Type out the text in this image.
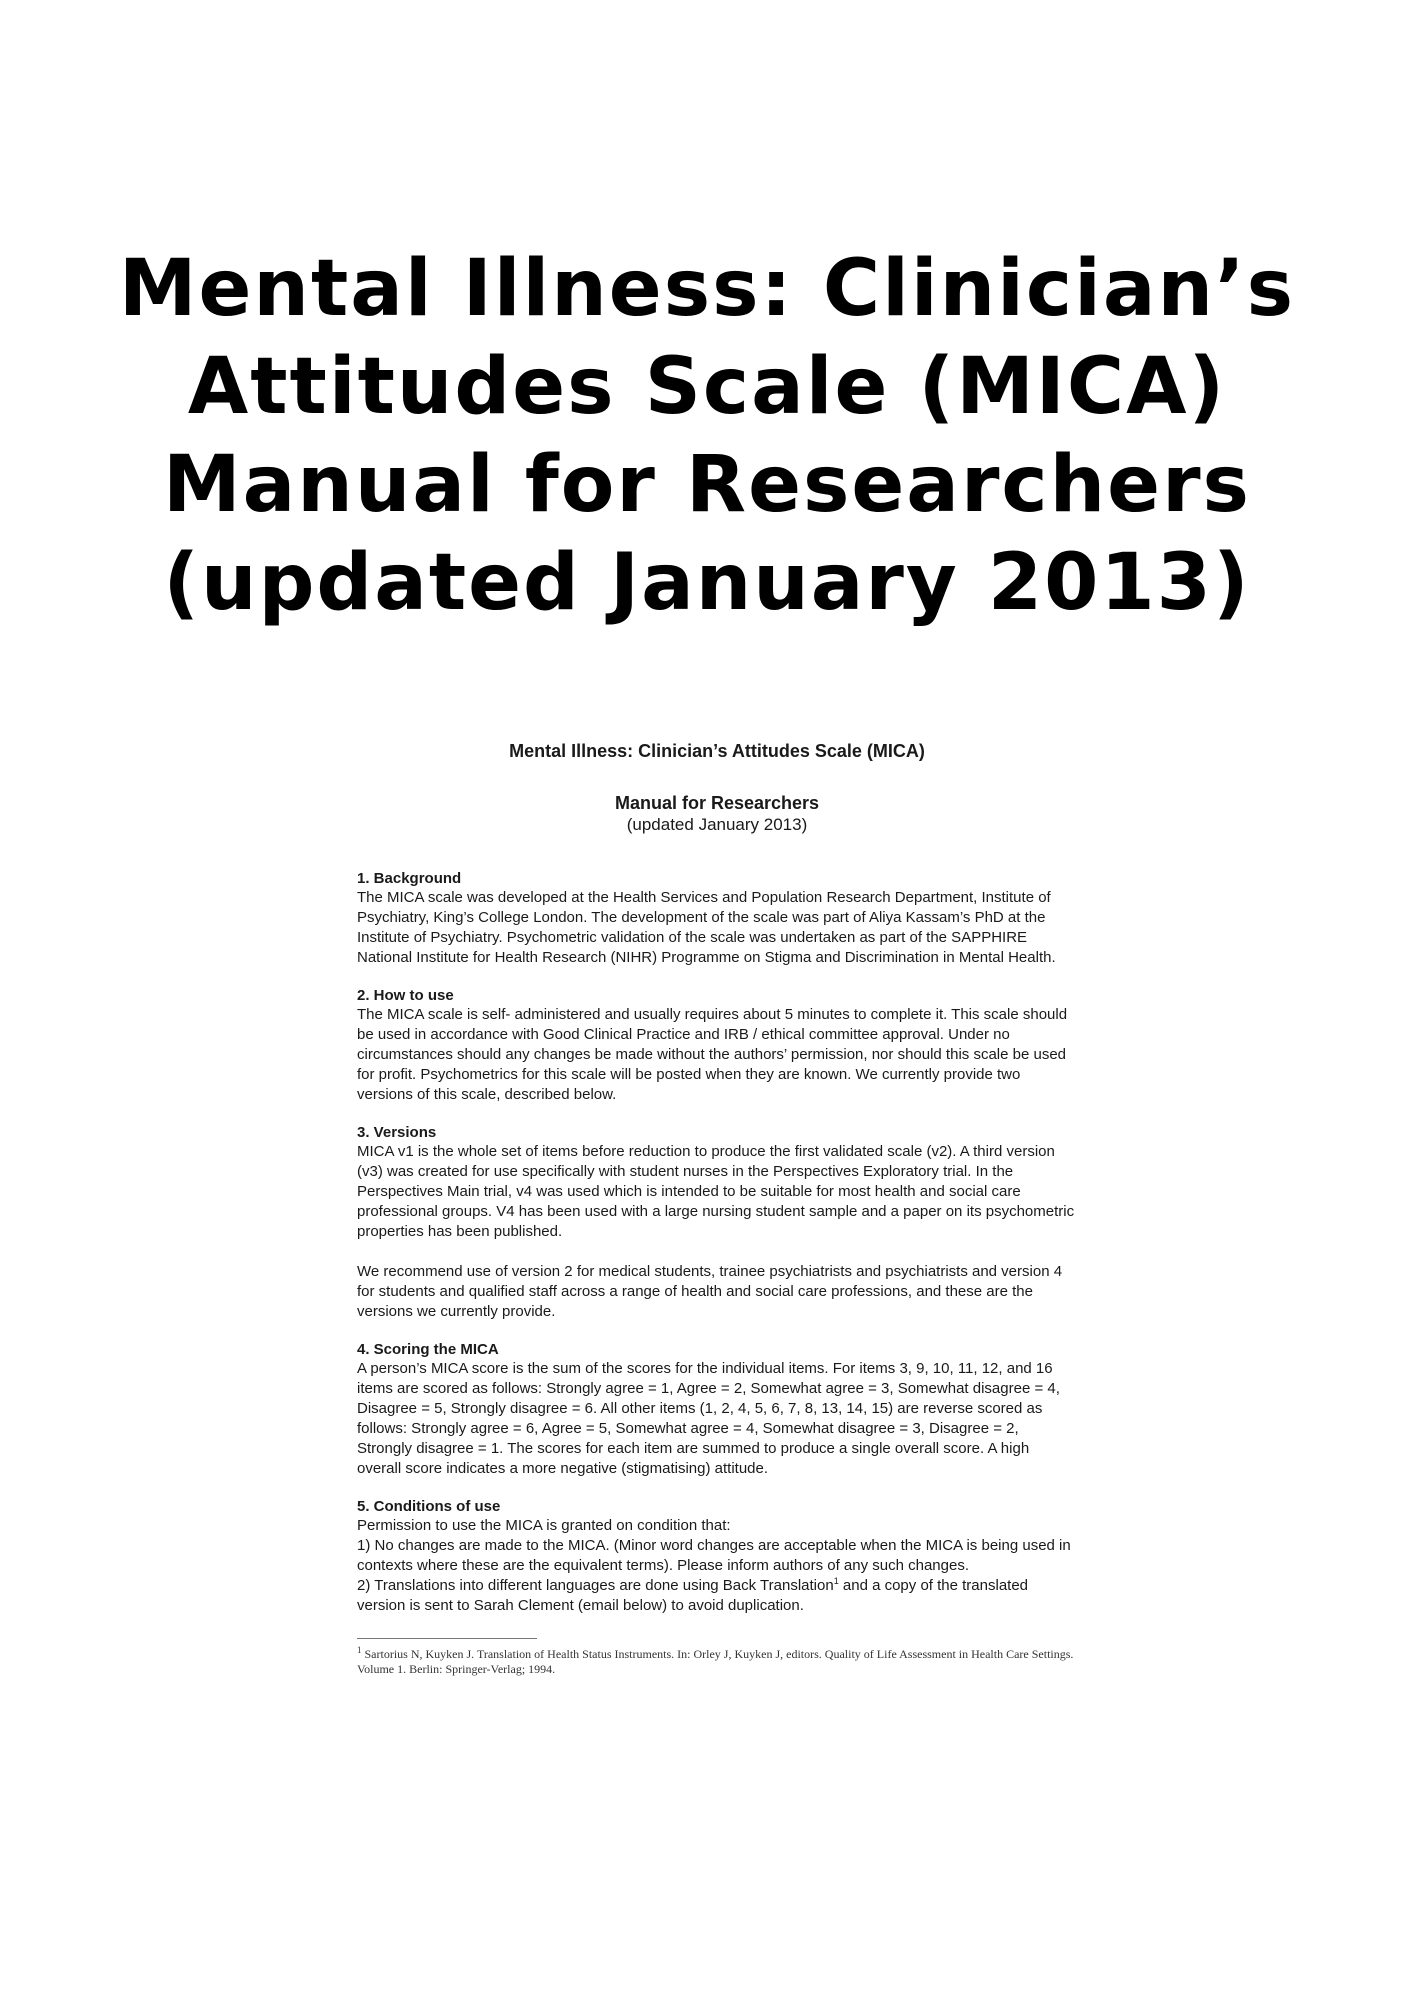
Mental Illness: Clinician’s
Attitudes Scale (MICA)
Manual for Researchers
(updated January 2013)

Mental Illness: Clinician’s Attitudes Scale (MICA)

Manual for Researchers

(updated January 2013)

1. Background

The MICA scale was developed at the Health Services and Population Research Department, Institute of Psychiatry, King’s College London. The development of the scale was part of Aliya Kassam’s PhD at the Institute of Psychiatry. Psychometric validation of the scale was undertaken as part of the SAPPHIRE National Institute for Health Research (NIHR) Programme on Stigma and Discrimination in Mental Health.

2. How to use

The MICA scale is self- administered and usually requires about 5 minutes to complete it. This scale should be used in accordance with Good Clinical Practice and IRB / ethical committee approval. Under no circumstances should any changes be made without the authors’ permission, nor should this scale be used for profit. Psychometrics for this scale will be posted when they are known. We currently provide two versions of this scale, described below.

3. Versions

MICA v1 is the whole set of items before reduction to produce the first validated scale (v2). A third version (v3) was created for use specifically with student nurses in the Perspectives Exploratory trial. In the Perspectives Main trial, v4 was used which is intended to be suitable for most health and social care professional groups. V4 has been used with a large nursing student sample and a paper on its psychometric properties has been published.

We recommend use of version 2 for medical students, trainee psychiatrists and psychiatrists and version 4 for students and qualified staff across a range of health and social care professions, and these are the versions we currently provide.

4. Scoring the MICA

A person’s MICA score is the sum of the scores for the individual items. For items 3, 9, 10, 11, 12, and 16 items are scored as follows: Strongly agree = 1, Agree = 2, Somewhat agree = 3, Somewhat disagree = 4, Disagree = 5, Strongly disagree = 6. All other items (1, 2, 4, 5, 6, 7, 8, 13, 14, 15) are reverse scored as follows: Strongly agree = 6, Agree = 5, Somewhat agree = 4, Somewhat disagree = 3, Disagree = 2, Strongly disagree = 1. The scores for each item are summed to produce a single overall score. A high overall score indicates a more negative (stigmatising) attitude.

5. Conditions of use

Permission to use the MICA is granted on condition that:

1) No changes are made to the MICA. (Minor word changes are acceptable when the MICA is being used in contexts where these are the equivalent terms). Please inform authors of any such changes.

2) Translations into different languages are done using Back Translation$^1$ and a copy of the translated version is sent to Sarah Clement (email below) to avoid duplication.

$^1$ Sartorius N, Kuyken J. Translation of Health Status Instruments. In: Orley J, Kuyken J, editors. Quality of Life Assessment in Health Care Settings. Volume 1. Berlin: Springer-Verlag; 1994.
